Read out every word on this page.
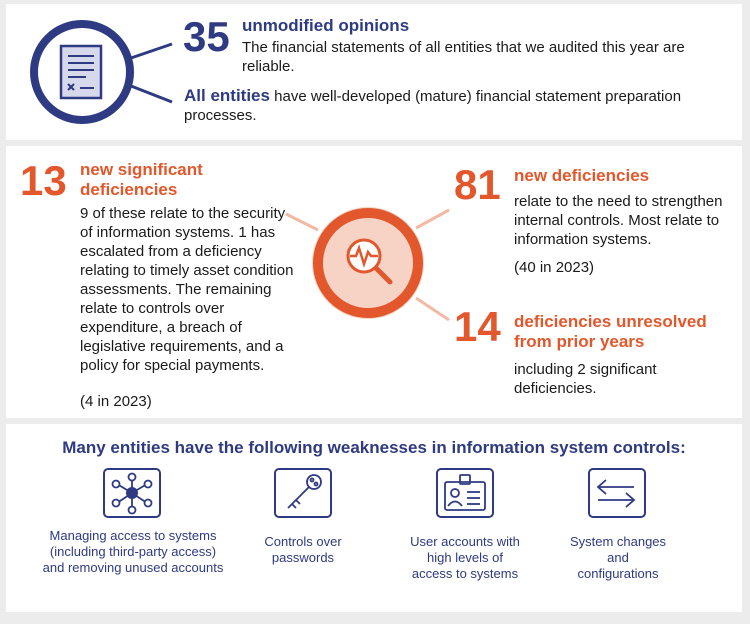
35 unmodified opinions
The financial statements of all entities that we audited this year are reliable.
All entities have well-developed (mature) financial statement preparation processes.
13 new significant deficiencies
9 of these relate to the security of information systems. 1 has escalated from a deficiency relating to timely asset condition assessments. The remaining relate to controls over expenditure, a breach of legislative requirements, and a policy for special payments.
(4 in 2023)
81 new deficiencies
relate to the need to strengthen internal controls. Most relate to information systems.
(40 in 2023)
14 deficiencies unresolved from prior years
including 2 significant deficiencies.
Many entities have the following weaknesses in information system controls:
Managing access to systems (including third-party access) and removing unused accounts
Controls over passwords
User accounts with high levels of access to systems
System changes and configurations
